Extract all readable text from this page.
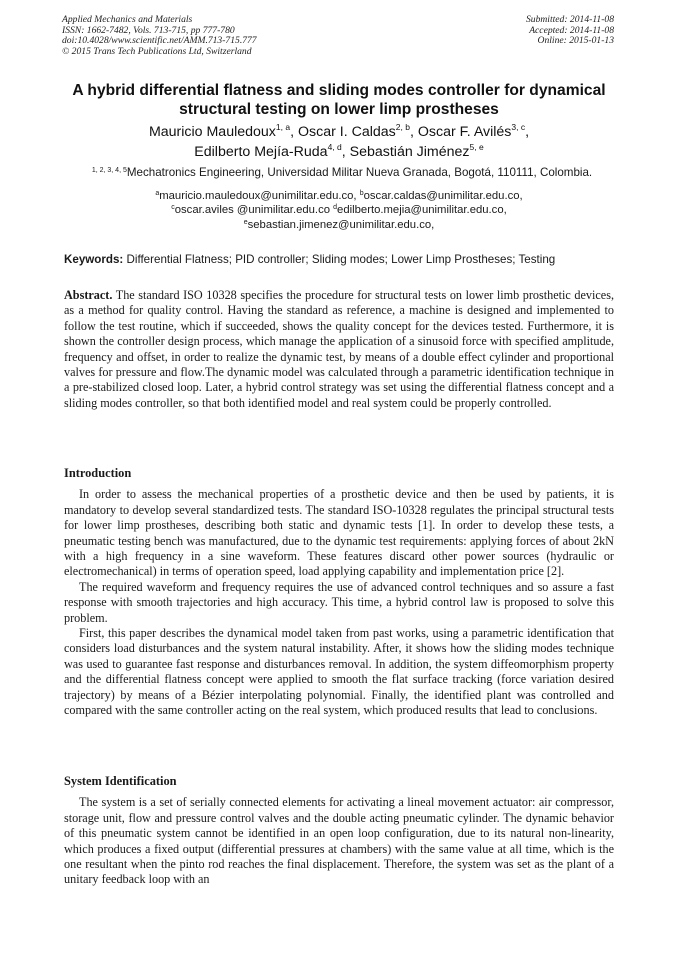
Applied Mechanics and Materials
ISSN: 1662-7482, Vols. 713-715, pp 777-780
doi:10.4028/www.scientific.net/AMM.713-715.777
© 2015 Trans Tech Publications Ltd, Switzerland
Submitted: 2014-11-08
Accepted: 2014-11-08
Online: 2015-01-13
A hybrid differential flatness and sliding modes controller for dynamical structural testing on lower limp prostheses
Mauricio Mauledoux$^{1, a}$, Oscar I. Caldas$^{2, b}$, Oscar F. Avilés$^{3, c}$,
Edilberto Mejía-Ruda$^{4, d}$, Sebastián Jiménez$^{5, e}$
$^{1, 2, 3, 4, 5}$Mechatronics Engineering, Universidad Militar Nueva Granada, Bogotá, 110111, Colombia.
$^a$mauricio.mauledoux@unimilitar.edu.co, $^b$oscar.caldas@unimilitar.edu.co,
$^c$oscar.aviles @unimilitar.edu.co $^d$edilberto.mejia@unimilitar.edu.co,
$^e$sebastian.jimenez@unimilitar.edu.co,
Keywords: Differential Flatness; PID controller; Sliding modes; Lower Limp Prostheses; Testing

Abstract. The standard ISO 10328 specifies the procedure for structural tests on lower limb prosthetic devices, as a method for quality control. Having the standard as reference, a machine is designed and implemented to follow the test routine, which if succeeded, shows the quality concept for the devices tested. Furthermore, it is shown the controller design process, which manage the application of a sinusoid force with specified amplitude, frequency and offset, in order to realize the dynamic test, by means of a double effect cylinder and proportional valves for pressure and flow.The dynamic model was calculated through a parametric identification technique in a pre-stabilized closed loop. Later, a hybrid control strategy was set using the differential flatness concept and a sliding modes controller, so that both identified model and real system could be properly controlled.

Introduction

In order to assess the mechanical properties of a prosthetic device and then be used by patients, it is mandatory to develop several standardized tests. The standard ISO-10328 regulates the principal structural tests for lower limp prostheses, describing both static and dynamic tests [1]. In order to develop these tests, a pneumatic testing bench was manufactured, due to the dynamic test requirements: applying forces of about 2kN with a high frequency in a sine waveform. These features discard other power sources (hydraulic or electromechanical) in terms of operation speed, load applying capability and implementation price [2].

The required waveform and frequency requires the use of advanced control techniques and so assure a fast response with smooth trajectories and high accuracy. This time, a hybrid control law is proposed to solve this problem.

First, this paper describes the dynamical model taken from past works, using a parametric identification that considers load disturbances and the system natural instability. After, it shows how the sliding modes technique was used to guarantee fast response and disturbances removal. In addition, the system diffeomorphism property and the differential flatness concept were applied to smooth the flat surface tracking (force variation desired trajectory) by means of a Bézier interpolating polynomial. Finally, the identified plant was controlled and compared with the same controller acting on the real system, which produced results that lead to conclusions.

System Identification

The system is a set of serially connected elements for activating a lineal movement actuator: air compressor, storage unit, flow and pressure control valves and the double acting pneumatic cylinder. The dynamic behavior of this pneumatic system cannot be identified in an open loop configuration, due to its natural non-linearity, which produces a fixed output (differential pressures at chambers) with the same value at all time, which is the one resultant when the pinto rod reaches the final displacement. Therefore, the system was set as the plant of a unitary feedback loop with an
